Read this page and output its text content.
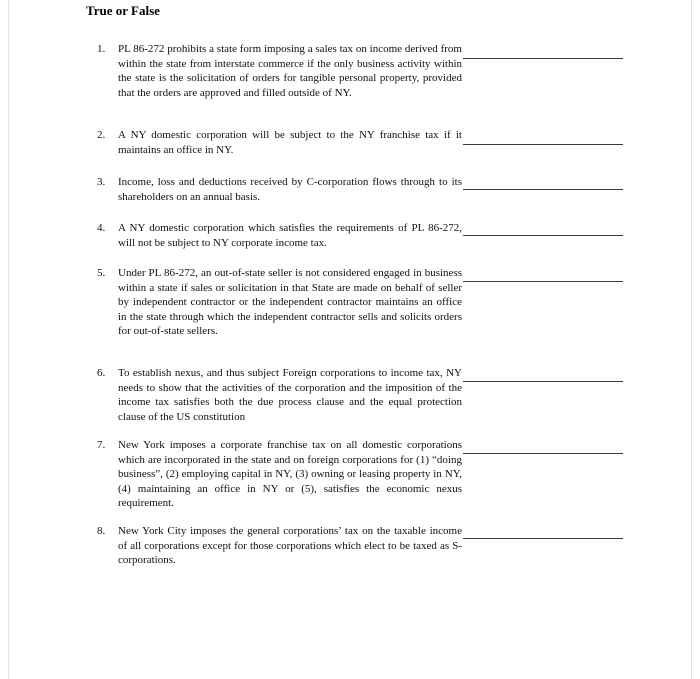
True or False
1.	PL 86-272 prohibits a state form imposing a sales tax on income derived from within the state from interstate commerce if the only business activity within the state is the solicitation of orders for tangible personal property, provided that the orders are approved and filled outside of NY.
2.	A NY domestic corporation will be subject to the NY franchise tax if it maintains an office in NY.
3.	Income, loss and deductions received by C-corporation flows through to its shareholders on an annual basis.
4.	A NY domestic corporation which satisfies the requirements of PL 86-272, will not be subject to NY corporate income tax.
5.	Under PL 86-272, an out-of-state seller is not considered engaged in business within a state if sales or solicitation in that State are made on behalf of seller by independent contractor or the independent contractor maintains an office in the state through which the independent contractor sells and solicits orders for out-of-state sellers.
6.	To establish nexus, and thus subject Foreign corporations to income tax, NY needs to show that the activities of the corporation and the imposition of the income tax satisfies both the due process clause and the equal protection clause of the US constitution
7.	New York imposes a corporate franchise tax on all domestic corporations which are incorporated in the state and on foreign corporations for (1) “doing business”, (2) employing capital in NY, (3) owning or leasing property in NY, (4) maintaining an office in NY or (5), satisfies the economic nexus requirement.
8.	New York City imposes the general corporations’ tax on the taxable income of all corporations except for those corporations which elect to be taxed as S-corporations.
